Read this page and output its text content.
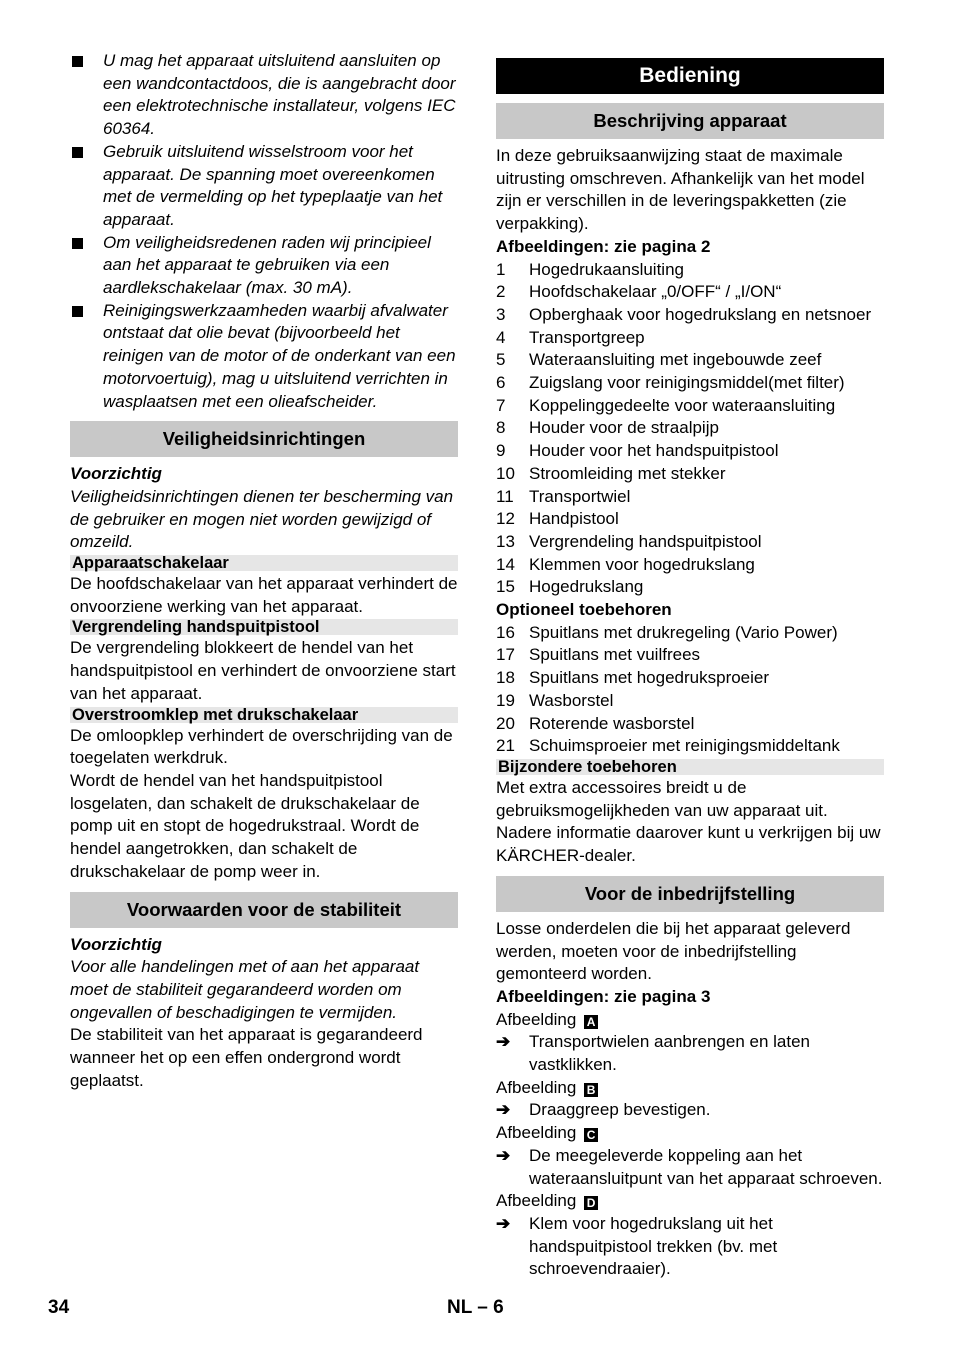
U mag het apparaat uitsluitend aansluiten op een wandcontactdoos, die is aangebracht door een elektrotechnische installateur, volgens IEC 60364.
Gebruik uitsluitend wisselstroom voor het apparaat. De spanning moet overeenkomen met de vermelding op het typeplaatje van het apparaat.
Om veiligheidsredenen raden wij principieel aan het apparaat te gebruiken via een aardlekschakelaar (max. 30 mA).
Reinigingswerkzaamheden waarbij afvalwater ontstaat dat olie bevat (bijvoorbeeld het reinigen van de motor of de onderkant van een motorvoertuig), mag u uitsluitend verrichten in wasplaatsen met een olieafscheider.
Veiligheidsinrichtingen
Voorzichtig
Veiligheidsinrichtingen dienen ter bescherming van de gebruiker en mogen niet worden gewijzigd of omzeild.
Apparaatschakelaar
De hoofdschakelaar van het apparaat verhindert de onvoorziene werking van het apparaat.
Vergrendeling handspuitpistool
De vergrendeling blokkeert de hendel van het handspuitpistool en verhindert de onvoorziene start van het apparaat.
Overstroomklep met drukschakelaar
De omloopklep verhindert de overschrijding van de toegelaten werkdruk.
Wordt de hendel van het handspuitpistool losgelaten, dan schakelt de drukschakelaar de pomp uit en stopt de hogedrukstraal. Wordt de hendel aangetrokken, dan schakelt de drukschakelaar de pomp weer in.
Voorwaarden voor de stabiliteit
Voorzichtig
Voor alle handelingen met of aan het apparaat moet de stabiliteit gegarandeerd worden om ongevallen of beschadigingen te vermijden.
De stabiliteit van het apparaat is gegarandeerd wanneer het op een effen ondergrond wordt geplaatst.
Bediening
Beschrijving apparaat
In deze gebruiksaanwijzing staat de maximale uitrusting omschreven. Afhankelijk van het model zijn er verschillen in de leveringspakketten (zie verpakking).
Afbeeldingen: zie pagina 2
1	Hogedrukaansluiting
2	Hoofdschakelaar „0/OFF“ / „I/ON“
3	Opberghaak voor hogedrukslang en netsnoer
4	Transportgreep
5	Wateraansluiting met ingebouwde zeef
6	Zuigslang voor reinigingsmiddel(met filter)
7	Koppelinggedeelte voor wateraansluiting
8	Houder voor de straalpijp
9	Houder voor het handspuitpistool
10 Stroomleiding met stekker
11 Transportwiel
12 Handpistool
13 Vergrendeling handspuitpistool
14 Klemmen voor hogedrukslang
15 Hogedrukslang
Optioneel toebehoren
16 Spuitlans met drukregeling (Vario Power)
17 Spuitlans met vuilfrees
18 Spuitlans met hogedruksproeier
19 Wasborstel
20 Roterende wasborstel
21 Schuimsproeier met reinigingsmiddeltank
Bijzondere toebehoren
Met extra accessoires breidt u de gebruiksmogelijkheden van uw apparaat uit. Nadere informatie daarover kunt u verkrijgen bij uw KÄRCHER-dealer.
Voor de inbedrijfstelling
Losse onderdelen die bij het apparaat geleverd werden, moeten voor de inbedrijfstelling gemonteerd worden.
Afbeeldingen: zie pagina 3
Afbeelding A
➔	Transportwielen aanbrengen en laten vastklikken.
Afbeelding B
➔	Draaggreep bevestigen.
Afbeelding C
➔	De meegeleverde koppeling aan het wateraansluitpunt van het apparaat schroeven.
Afbeelding D
➔	Klem voor hogedrukslang uit het handspuitpistool trekken (bv. met schroevendraaier).
34	NL – 6
